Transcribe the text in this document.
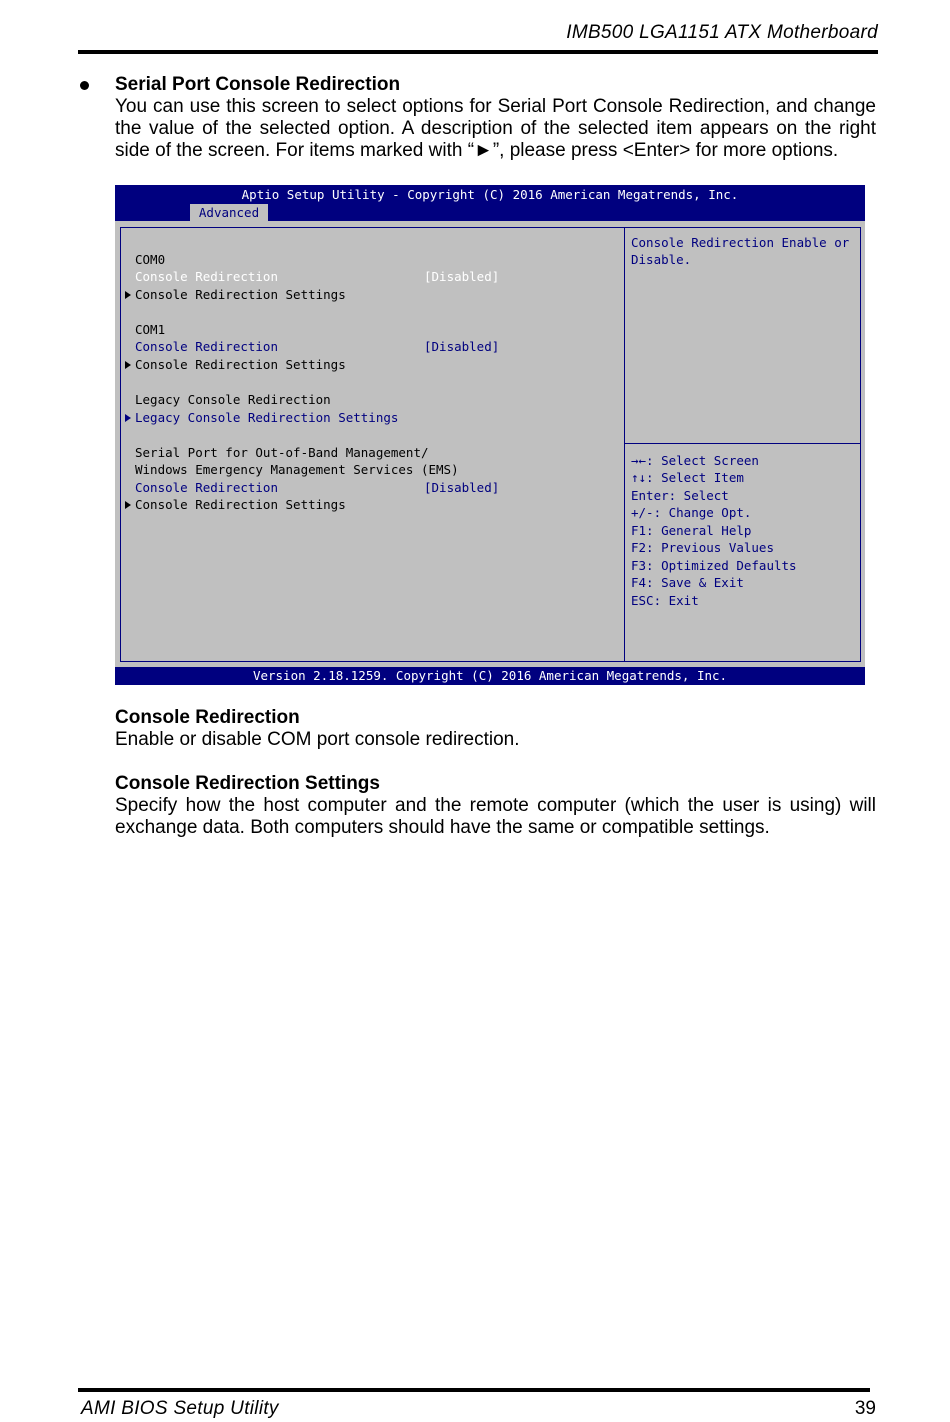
IMB500 LGA1151 ATX Motherboard
Serial Port Console Redirection
You can use this screen to select options for Serial Port Console Redirection, and change the value of the selected option. A description of the selected item appears on the right side of the screen. For items marked with “►”, please press <Enter> for more options.
Aptio Setup Utility - Copyright (C) 2016 American Megatrends, Inc.
Advanced
COM0
Console Redirection	[Disabled]
Console Redirection Settings
COM1
Console Redirection	[Disabled]
Console Redirection Settings
Legacy Console Redirection
Legacy Console Redirection Settings
Serial Port for Out-of-Band Management/
Windows Emergency Management Services (EMS)
Console Redirection	[Disabled]
Console Redirection Settings
Console Redirection Enable or
Disable.
→←: Select Screen
↑↓: Select Item
Enter: Select
+/-: Change Opt.
F1: General Help
F2: Previous Values
F3: Optimized Defaults
F4: Save & Exit
ESC: Exit
Version 2.18.1259. Copyright (C) 2016 American Megatrends, Inc.
Console Redirection
Enable or disable COM port console redirection.
Console Redirection Settings
Specify how the host computer and the remote computer (which the user is using) will exchange data. Both computers should have the same or compatible settings.
AMI BIOS Setup Utility	39
